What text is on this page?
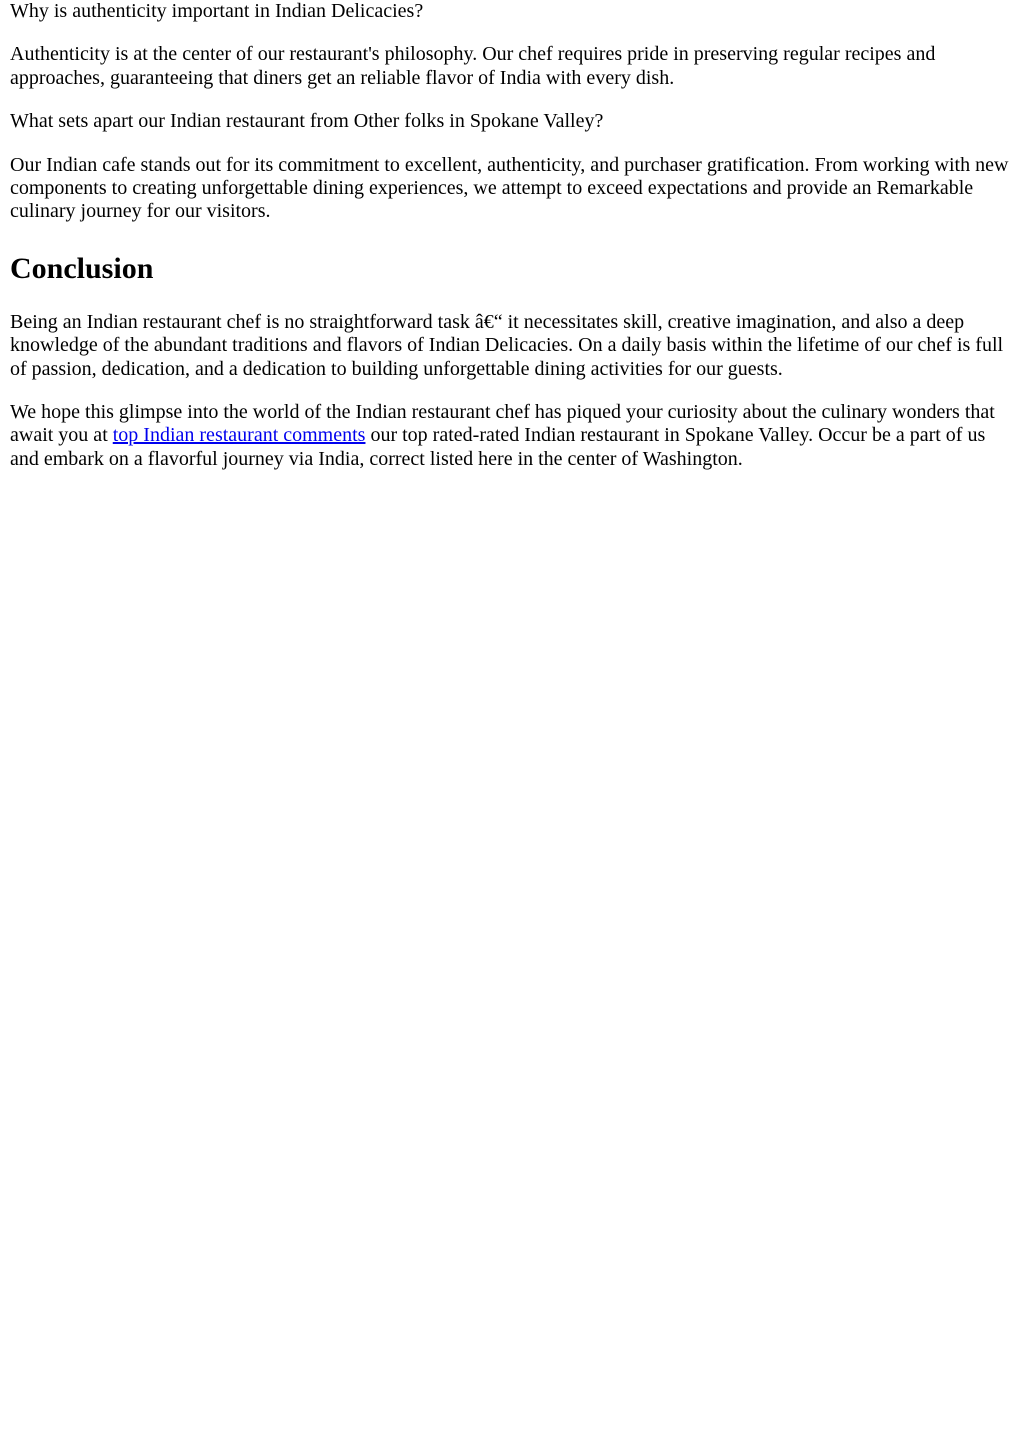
Why is authenticity important in Indian Delicacies?

Authenticity is at the center of our restaurant's philosophy. Our chef requires pride in preserving regular recipes and approaches, guaranteeing that diners get an reliable flavor of India with every dish.

What sets apart our Indian restaurant from Other folks in Spokane Valley?

Our Indian cafe stands out for its commitment to excellent, authenticity, and purchaser gratification. From working with new components to creating unforgettable dining experiences, we attempt to exceed expectations and provide an Remarkable culinary journey for our visitors.

Conclusion

Being an Indian restaurant chef is no straightforward task â€“ it necessitates skill, creative imagination, and also a deep knowledge of the abundant traditions and flavors of Indian Delicacies. On a daily basis within the lifetime of our chef is full of passion, dedication, and a dedication to building unforgettable dining activities for our guests.

We hope this glimpse into the world of the Indian restaurant chef has piqued your curiosity about the culinary wonders that await you at top Indian restaurant comments our top rated-rated Indian restaurant in Spokane Valley. Occur be a part of us and embark on a flavorful journey via India, correct listed here in the center of Washington.
